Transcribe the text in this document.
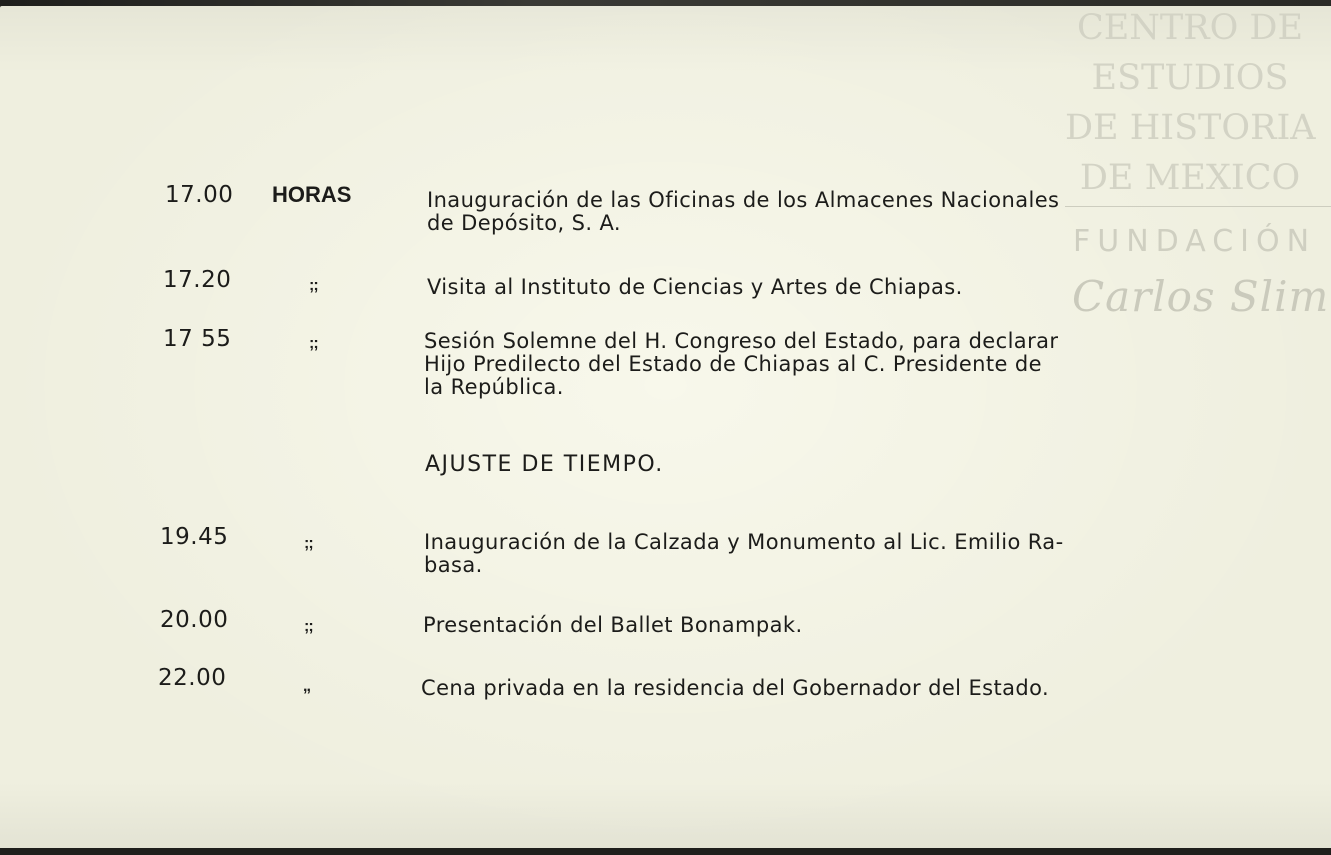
CENTRO DE
ESTUDIOS
DE HISTORIA
DE MEXICO
FUNDACIÓN
Carlos Slim
17.00 HORAS	Inauguración de las Oficinas de los Almacenes Nacionales
de Depósito, S. A.
17.20	;;	Visita al Instituto de Ciencias y Artes de Chiapas.
17 55	;;	Sesión Solemne del H. Congreso del Estado, para declarar
Hijo Predilecto del Estado de Chiapas al C. Presidente de
la República.
AJUSTE DE TIEMPO.
19.45	;;	Inauguración de la Calzada y Monumento al Lic. Emilio Ra-
basa.
20.00	;;	Presentación del Ballet Bonampak.
22.00	,,	Cena privada en la residencia del Gobernador del Estado.
